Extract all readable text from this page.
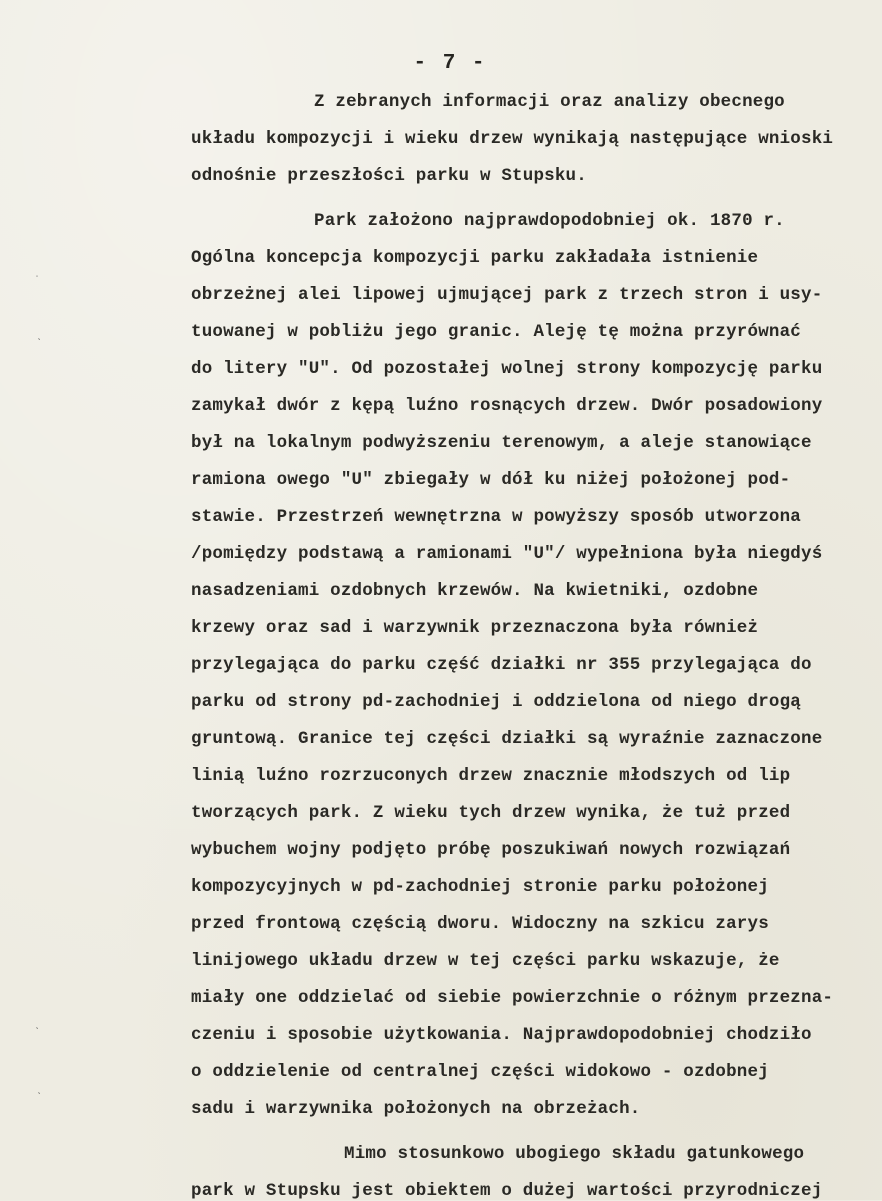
- 7 -
Z zebranych informacji oraz analizy obecnego
układu kompozycji i wieku drzew wynikają następujące wnioski
odnośnie przeszłości parku w Stupsku.
Park założono najprawdopodobniej ok. 1870 r.
Ogólna koncepcja kompozycji parku zakładała istnienie
obrzeżnej alei lipowej ujmującej park z trzech stron i usy-
tuowanej w pobliżu jego granic. Aleję tę można przyrównać
do litery "U". Od pozostałej wolnej strony kompozycję parku
zamykał dwór z kępą luźno rosnących drzew. Dwór posadowiony
był na lokalnym podwyższeniu terenowym, a aleje stanowiące
ramiona owego "U" zbiegały w dół ku niżej położonej pod-
stawie. Przestrzeń wewnętrzna w powyższy sposób utworzona
/pomiędzy podstawą a ramionami "U"/ wypełniona była niegdyś
nasadzeniami ozdobnych krzewów. Na kwietniki, ozdobne
krzewy oraz sad i warzywnik przeznaczona była również
przylegająca do parku część działki nr 355 przylegająca do
parku od strony pd-zachodniej i oddzielona od niego drogą
gruntową. Granice tej części działki są wyraźnie zaznaczone
linią luźno rozrzuconych drzew znacznie młodszych od lip
tworzących park. Z wieku tych drzew wynika, że tuż przed
wybuchem wojny podjęto próbę poszukiwań nowych rozwiązań
kompozycyjnych w pd-zachodniej stronie parku położonej
przed frontową częścią dworu. Widoczny na szkicu zarys
linijowego układu drzew w tej części parku wskazuje, że
miały one oddzielać od siebie powierzchnie o różnym przezna-
czeniu i sposobie użytkowania. Najprawdopodobniej chodziło
o oddzielenie od centralnej części widokowo - ozdobnej
sadu i warzywnika położonych na obrzeżach.
Mimo stosunkowo ubogiego składu gatunkowego
park w Stupsku jest obiektem o dużej wartości przyrodniczej
ˌ
ˎ
ˎ
ˎ
